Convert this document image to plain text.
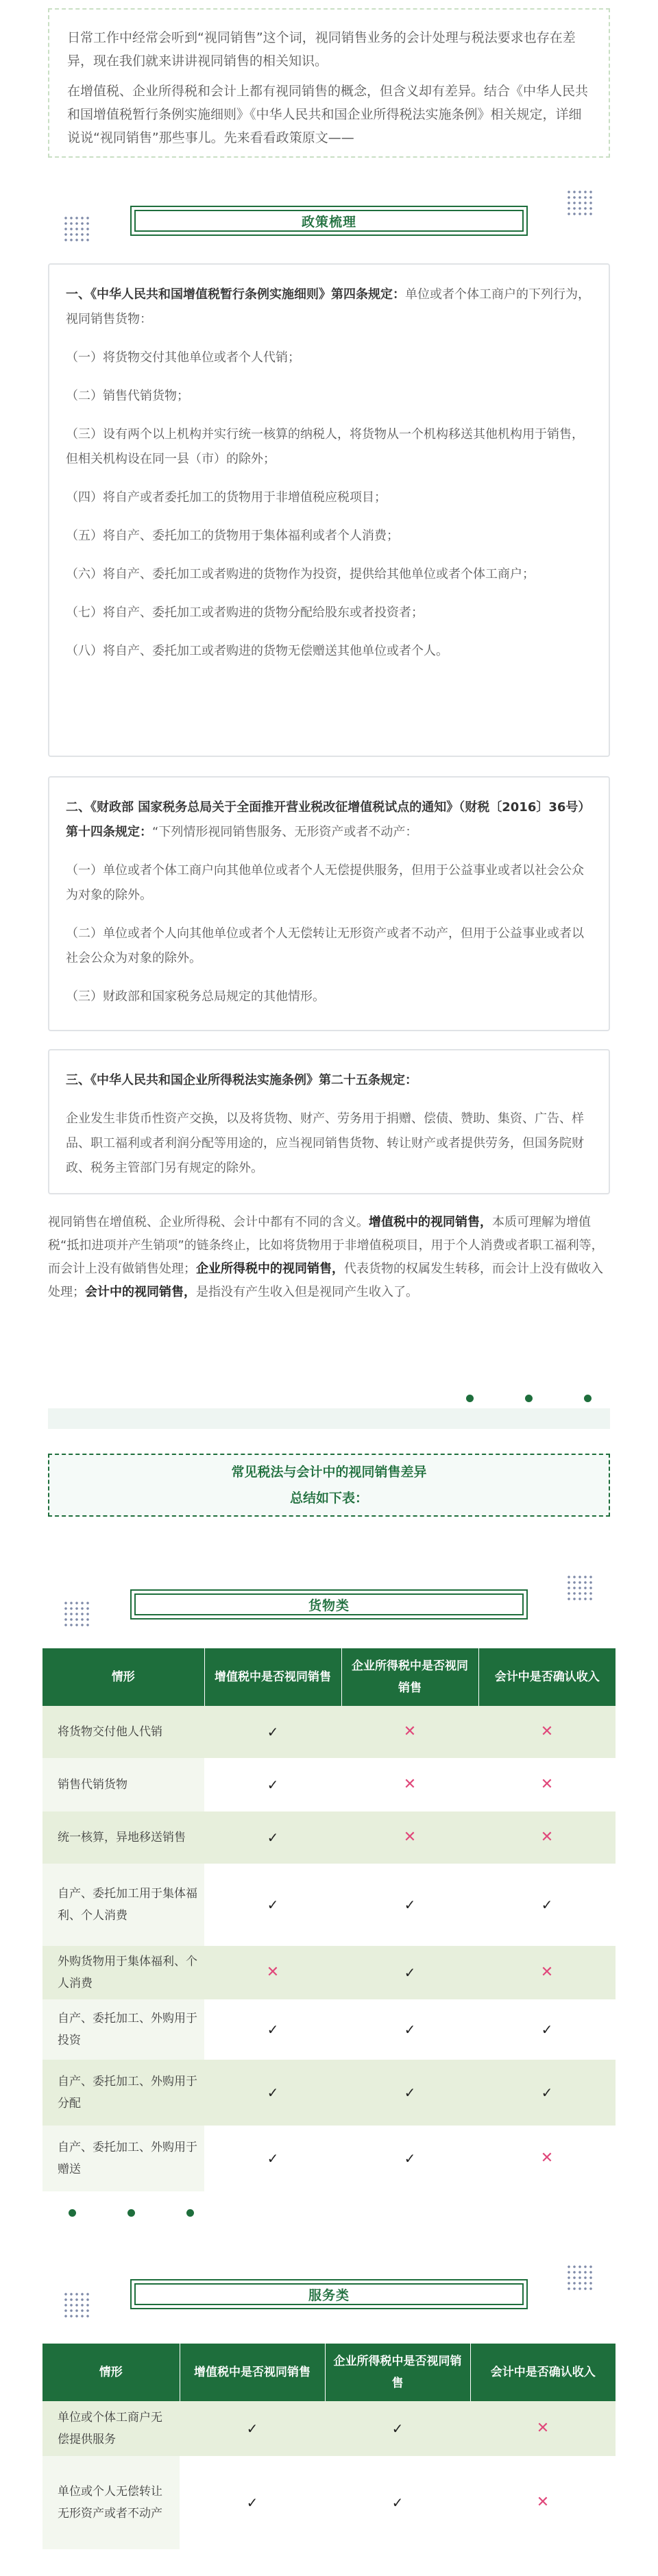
日常工作中经常会听到“视同销售”这个词，视同销售业务的会计处理与税法要求也存在差异，现在我们就来讲讲视同销售的相关知识。

在增值税、企业所得税和会计上都有视同销售的概念，但含义却有差异。结合《中华人民共和国增值税暂行条例实施细则》《中华人民共和国企业所得税法实施条例》相关规定，详细说说“视同销售”那些事儿。先来看看政策原文——

政策梳理

一、《中华人民共和国增值税暂行条例实施细则》第四条规定：单位或者个体工商户的下列行为，视同销售货物：

（一）将货物交付其他单位或者个人代销；

（二）销售代销货物；

（三）设有两个以上机构并实行统一核算的纳税人，将货物从一个机构移送其他机构用于销售，但相关机构设在同一县（市）的除外；

（四）将自产或者委托加工的货物用于非增值税应税项目；

（五）将自产、委托加工的货物用于集体福利或者个人消费；

（六）将自产、委托加工或者购进的货物作为投资，提供给其他单位或者个体工商户；

（七）将自产、委托加工或者购进的货物分配给股东或者投资者；

（八）将自产、委托加工或者购进的货物无偿赠送其他单位或者个人。

二、《财政部 国家税务总局关于全面推开营业税改征增值税试点的通知》（财税〔2016〕36号）第十四条规定：“下列情形视同销售服务、无形资产或者不动产：

（一）单位或者个体工商户向其他单位或者个人无偿提供服务，但用于公益事业或者以社会公众为对象的除外。

（二）单位或者个人向其他单位或者个人无偿转让无形资产或者不动产，但用于公益事业或者以社会公众为对象的除外。

（三）财政部和国家税务总局规定的其他情形。

三、《中华人民共和国企业所得税法实施条例》第二十五条规定：

企业发生非货币性资产交换，以及将货物、财产、劳务用于捐赠、偿债、赞助、集资、广告、样品、职工福利或者利润分配等用途的，应当视同销售货物、转让财产或者提供劳务，但国务院财政、税务主管部门另有规定的除外。

视同销售在增值税、企业所得税、会计中都有不同的含义。增值税中的视同销售，本质可理解为增值税“抵扣进项并产生销项”的链条终止，比如将货物用于非增值税项目，用于个人消费或者职工福利等，而会计上没有做销售处理；企业所得税中的视同销售，代表货物的权属发生转移，而会计上没有做收入处理；会计中的视同销售，是指没有产生收入但是视同产生收入了。
常见税法与会计中的视同销售差异
总结如下表：
货物类
情形	增值税中是否视同销售	企业所得税中是否视同销售	会计中是否确认收入
将货物交付他人代销	✓	✕	✕
销售代销货物	✓	✕	✕
统一核算，异地移送销售	✓	✕	✕
自产、委托加工用于集体福利、个人消费	✓	✓	✓
外购货物用于集体福利、个人消费	✕	✓	✕
自产、委托加工、外购用于投资	✓	✓	✓
自产、委托加工、外购用于分配	✓	✓	✓
自产、委托加工、外购用于赠送	✓	✓	✕
服务类
情形	增值税中是否视同销售	企业所得税中是否视同销售	会计中是否确认收入
单位或个体工商户无偿提供服务	✓	✓	✕
单位或个人无偿转让无形资产或者不动产	✓	✓	✕
